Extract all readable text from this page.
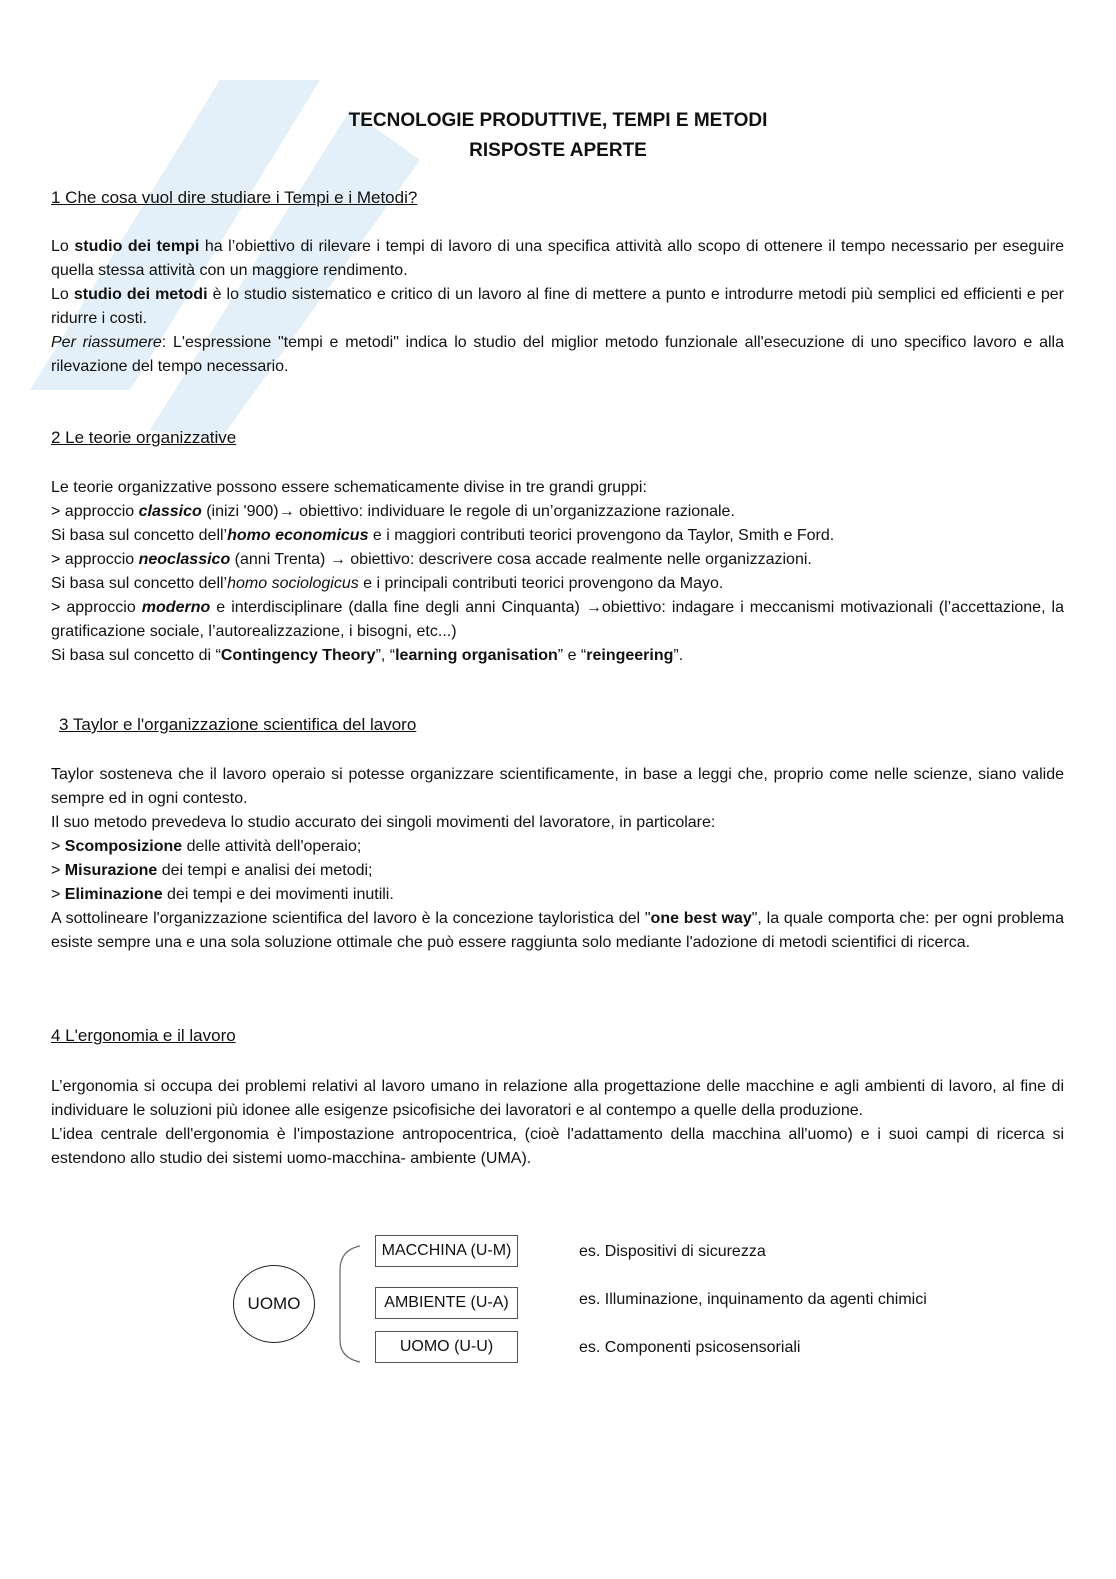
TECNOLOGIE PRODUTTIVE, TEMPI E METODI
RISPOSTE APERTE
1 Che cosa vuol dire studiare i Tempi e i Metodi?

Lo studio dei tempi ha l’obiettivo di rilevare i tempi di lavoro di una specifica attività allo scopo di ottenere il tempo necessario per eseguire quella stessa attività con un maggiore rendimento.

Lo studio dei metodi è lo studio sistematico e critico di un lavoro al fine di mettere a punto e introdurre metodi più semplici ed efficienti e per ridurre i costi.

Per riassumere: L'espressione "tempi e metodi" indica lo studio del miglior metodo funzionale all'esecuzione di uno specifico lavoro e alla rilevazione del tempo necessario.

2 Le teorie organizzative

Le teorie organizzative possono essere schematicamente divise in tre grandi gruppi:

> approccio classico (inizi '900)→ obiettivo: individuare le regole di un’organizzazione razionale.

Si basa sul concetto dell’homo economicus e i maggiori contributi teorici provengono da Taylor, Smith e Ford.

> approccio neoclassico (anni Trenta) → obiettivo: descrivere cosa accade realmente nelle organizzazioni.

Si basa sul concetto dell’homo sociologicus e i principali contributi teorici provengono da Mayo.

> approccio moderno e interdisciplinare (dalla fine degli anni Cinquanta) →obiettivo: indagare i meccanismi motivazionali (l’accettazione, la gratificazione sociale, l’autorealizzazione, i bisogni, etc...)

Si basa sul concetto di “Contingency Theory”, “learning organisation” e “reingeering”.

3 Taylor e l'organizzazione scientifica del lavoro

Taylor sosteneva che il lavoro operaio si potesse organizzare scientificamente, in base a leggi che, proprio come nelle scienze, siano valide sempre ed in ogni contesto.

Il suo metodo prevedeva lo studio accurato dei singoli movimenti del lavoratore, in particolare:

> Scomposizione delle attività dell'operaio;

> Misurazione dei tempi e analisi dei metodi;

> Eliminazione dei tempi e dei movimenti inutili.

A sottolineare l'organizzazione scientifica del lavoro è la concezione tayloristica del "one best way", la quale comporta che: per ogni problema esiste sempre una e una sola soluzione ottimale che può essere raggiunta solo mediante l'adozione di metodi scientifici di ricerca.

4 L'ergonomia e il lavoro

L’ergonomia si occupa dei problemi relativi al lavoro umano in relazione alla progettazione delle macchine e agli ambienti di lavoro, al fine di individuare le soluzioni più idonee alle esigenze psicofisiche dei lavoratori e al contempo a quelle della produzione.

L’idea centrale dell'ergonomia è l'impostazione antropocentrica, (cioè l'adattamento della macchina all'uomo) e i suoi campi di ricerca si estendono allo studio dei sistemi uomo-macchina- ambiente (UMA).

UOMO
MACCHINA (U-M)
AMBIENTE (U-A)
UOMO (U-U)
es. Dispositivi di sicurezza
es. Illuminazione, inquinamento da agenti chimici
es. Componenti psicosensoriali
